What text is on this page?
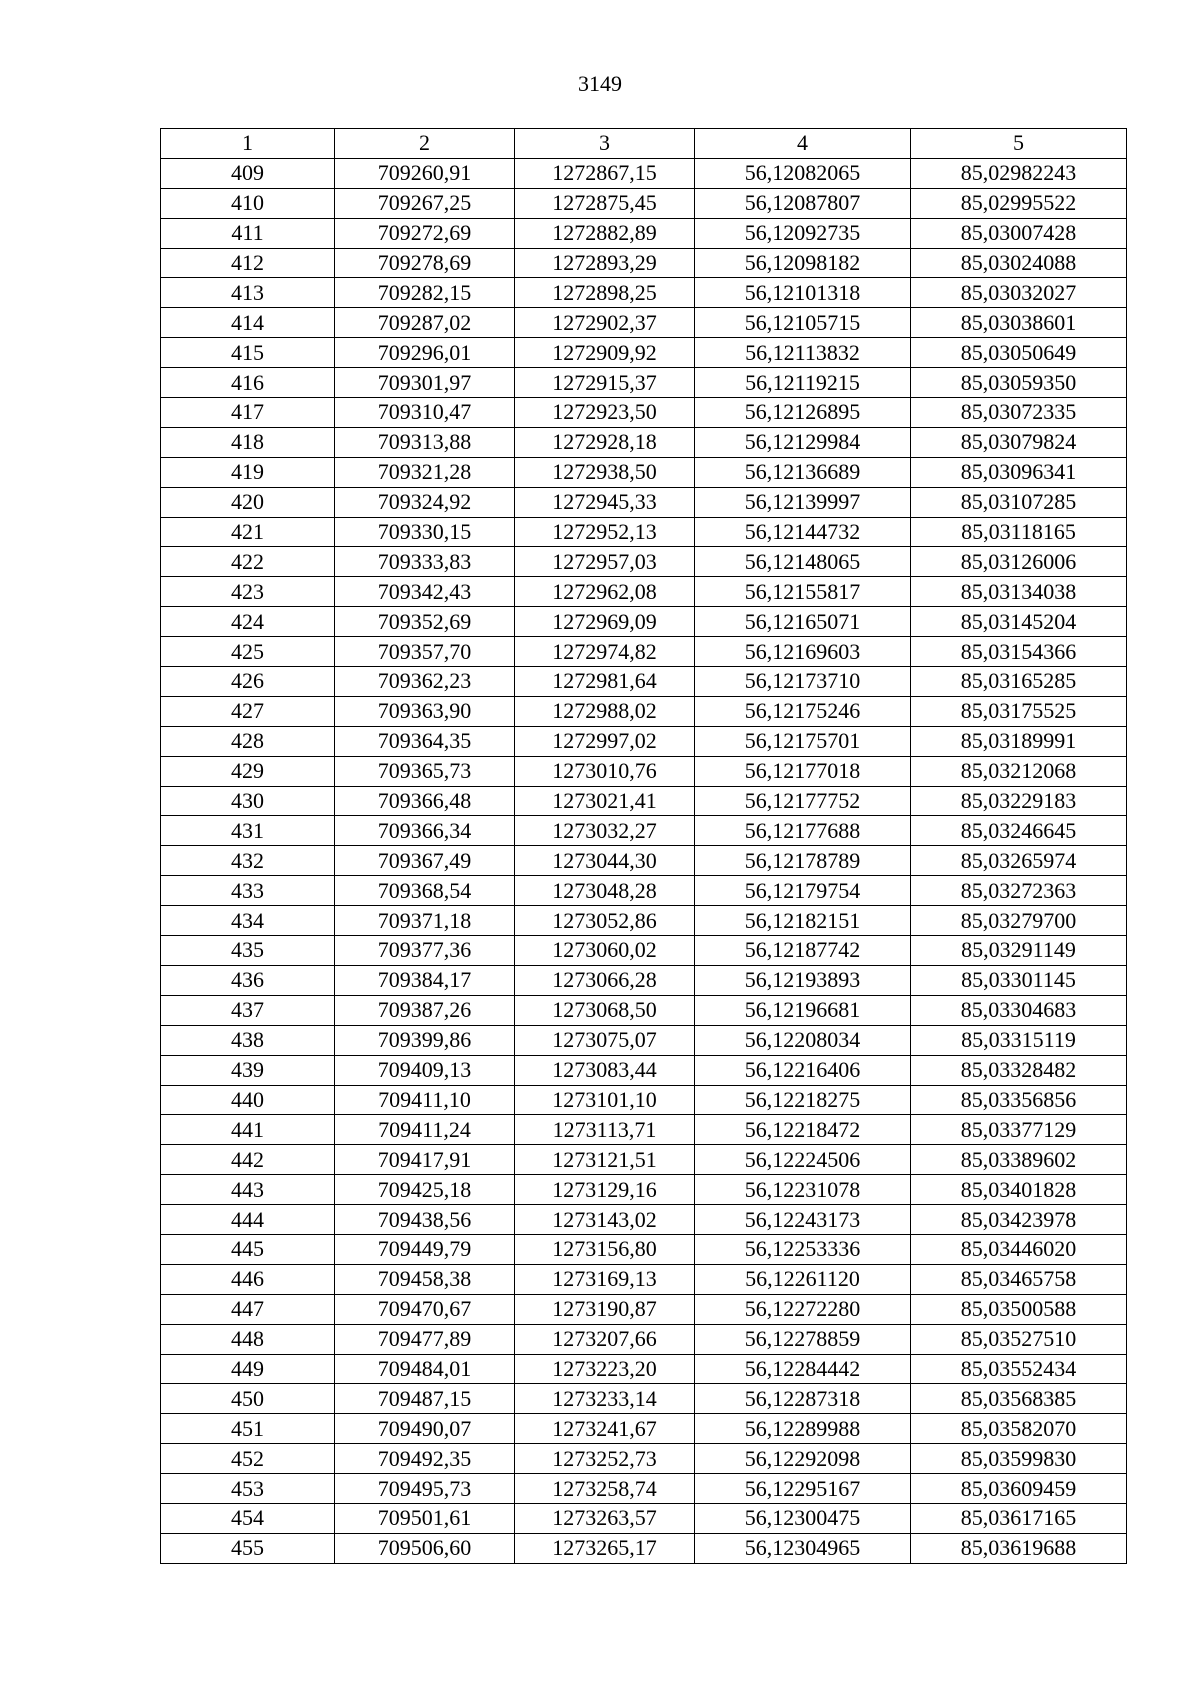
3149
1	2	3	4	5
409	709260,91	1272867,15	56,12082065	85,02982243
410	709267,25	1272875,45	56,12087807	85,02995522
411	709272,69	1272882,89	56,12092735	85,03007428
412	709278,69	1272893,29	56,12098182	85,03024088
413	709282,15	1272898,25	56,12101318	85,03032027
414	709287,02	1272902,37	56,12105715	85,03038601
415	709296,01	1272909,92	56,12113832	85,03050649
416	709301,97	1272915,37	56,12119215	85,03059350
417	709310,47	1272923,50	56,12126895	85,03072335
418	709313,88	1272928,18	56,12129984	85,03079824
419	709321,28	1272938,50	56,12136689	85,03096341
420	709324,92	1272945,33	56,12139997	85,03107285
421	709330,15	1272952,13	56,12144732	85,03118165
422	709333,83	1272957,03	56,12148065	85,03126006
423	709342,43	1272962,08	56,12155817	85,03134038
424	709352,69	1272969,09	56,12165071	85,03145204
425	709357,70	1272974,82	56,12169603	85,03154366
426	709362,23	1272981,64	56,12173710	85,03165285
427	709363,90	1272988,02	56,12175246	85,03175525
428	709364,35	1272997,02	56,12175701	85,03189991
429	709365,73	1273010,76	56,12177018	85,03212068
430	709366,48	1273021,41	56,12177752	85,03229183
431	709366,34	1273032,27	56,12177688	85,03246645
432	709367,49	1273044,30	56,12178789	85,03265974
433	709368,54	1273048,28	56,12179754	85,03272363
434	709371,18	1273052,86	56,12182151	85,03279700
435	709377,36	1273060,02	56,12187742	85,03291149
436	709384,17	1273066,28	56,12193893	85,03301145
437	709387,26	1273068,50	56,12196681	85,03304683
438	709399,86	1273075,07	56,12208034	85,03315119
439	709409,13	1273083,44	56,12216406	85,03328482
440	709411,10	1273101,10	56,12218275	85,03356856
441	709411,24	1273113,71	56,12218472	85,03377129
442	709417,91	1273121,51	56,12224506	85,03389602
443	709425,18	1273129,16	56,12231078	85,03401828
444	709438,56	1273143,02	56,12243173	85,03423978
445	709449,79	1273156,80	56,12253336	85,03446020
446	709458,38	1273169,13	56,12261120	85,03465758
447	709470,67	1273190,87	56,12272280	85,03500588
448	709477,89	1273207,66	56,12278859	85,03527510
449	709484,01	1273223,20	56,12284442	85,03552434
450	709487,15	1273233,14	56,12287318	85,03568385
451	709490,07	1273241,67	56,12289988	85,03582070
452	709492,35	1273252,73	56,12292098	85,03599830
453	709495,73	1273258,74	56,12295167	85,03609459
454	709501,61	1273263,57	56,12300475	85,03617165
455	709506,60	1273265,17	56,12304965	85,03619688
